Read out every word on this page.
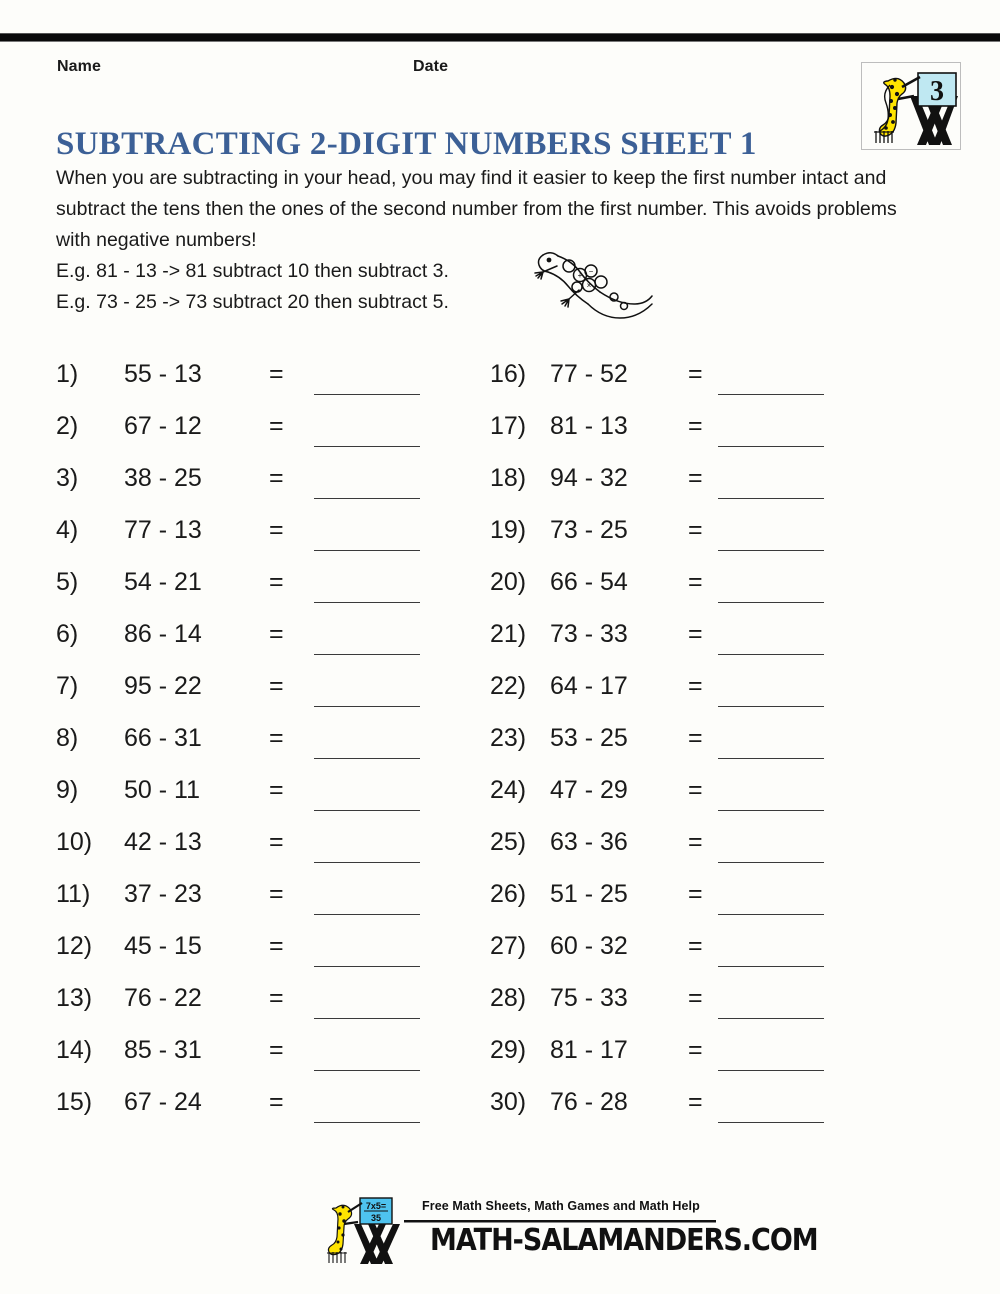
Name	Date
3
SUBTRACTING 2-DIGIT NUMBERS SHEET 1

When you are subtracting in your head, you may find it easier to keep the first number intact and subtract the tens then the ones of the second number from the first number. This avoids problems with negative numbers!

E.g. 81 - 13 -> 81 subtract 10 then subtract 3.

E.g. 73 - 25 -> 73 subtract 20 then subtract 5.

+
×
−
1)	55 - 13	=
2)	67 - 12	=
3)	38 - 25	=
4)	77 - 13	=
5)	54 - 21	=
6)	86 - 14	=
7)	95 - 22	=
8)	66 - 31	=
9)	50 - 11	=
10)	42 - 13	=
11)	37 - 23	=
12)	45 - 15	=
13)	76 - 22	=
14)	85 - 31	=
15)	67 - 24	=
16) 77 - 52	=
17) 81 - 13	=
18) 94 - 32	=
19) 73 - 25	=
20) 66 - 54	=
21) 73 - 33	=
22) 64 - 17	=
23) 53 - 25	=
24) 47 - 29	=
25) 63 - 36	=
26) 51 - 25	=
27) 60 - 32	=
28) 75 - 33	=
29) 81 - 17	=
30) 76 - 28	=
7x5=
35
Free Math Sheets, Math Games and Math Help
MATH-SALAMANDERS.COM
